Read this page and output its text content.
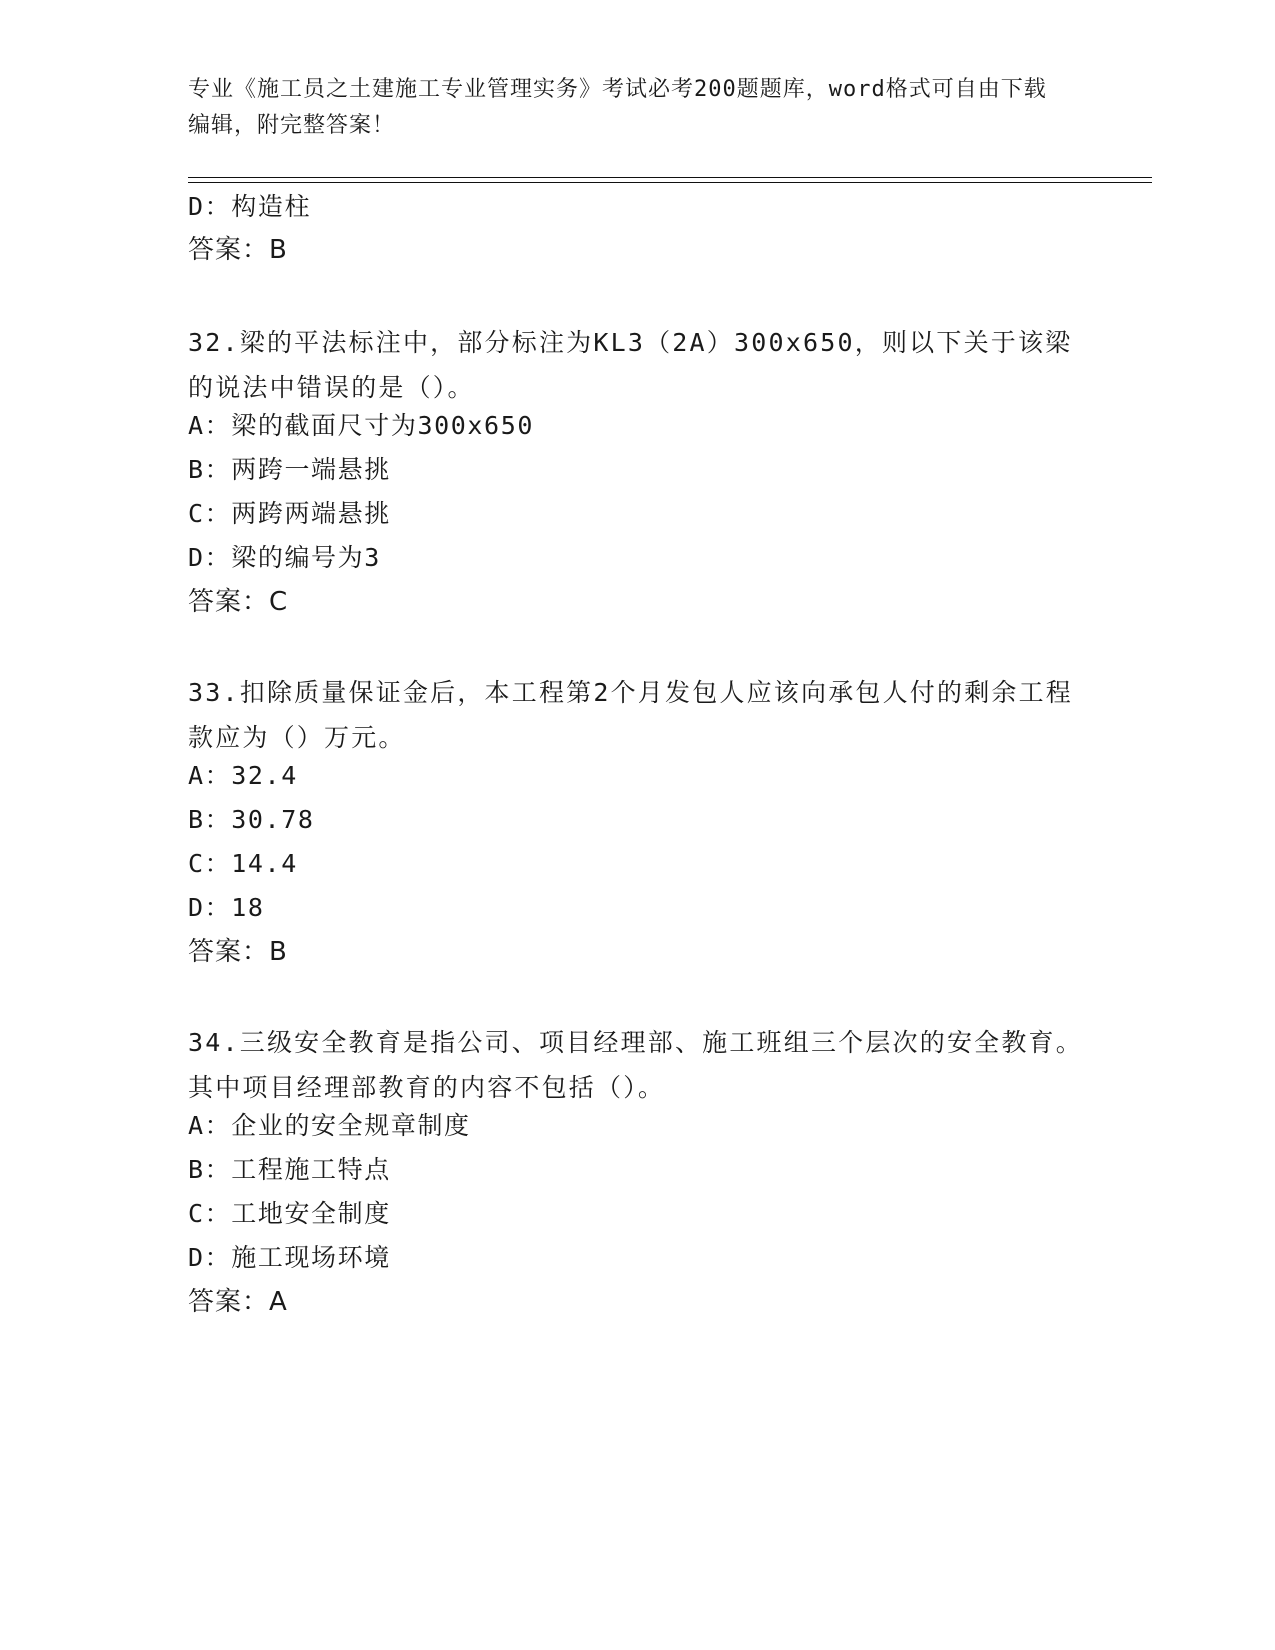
专业《施工员之土建施工专业管理实务》考试必考200题题库，word格式可自由下载编辑，附完整答案！
D：构造柱
答案：B
32.梁的平法标注中，部分标注为KL3（2A）300x650，则以下关于该梁的说法中错误的是（）。
A：梁的截面尺寸为300x650
B：两跨一端悬挑
C：两跨两端悬挑
D：梁的编号为3
答案：C
33.扣除质量保证金后，本工程第2个月发包人应该向承包人付的剩余工程款应为（）万元。
A：32.4
B：30.78
C：14.4
D：18
答案：B
34.三级安全教育是指公司、项目经理部、施工班组三个层次的安全教育。其中项目经理部教育的内容不包括（）。
A：企业的安全规章制度
B：工程施工特点
C：工地安全制度
D：施工现场环境
答案：A
